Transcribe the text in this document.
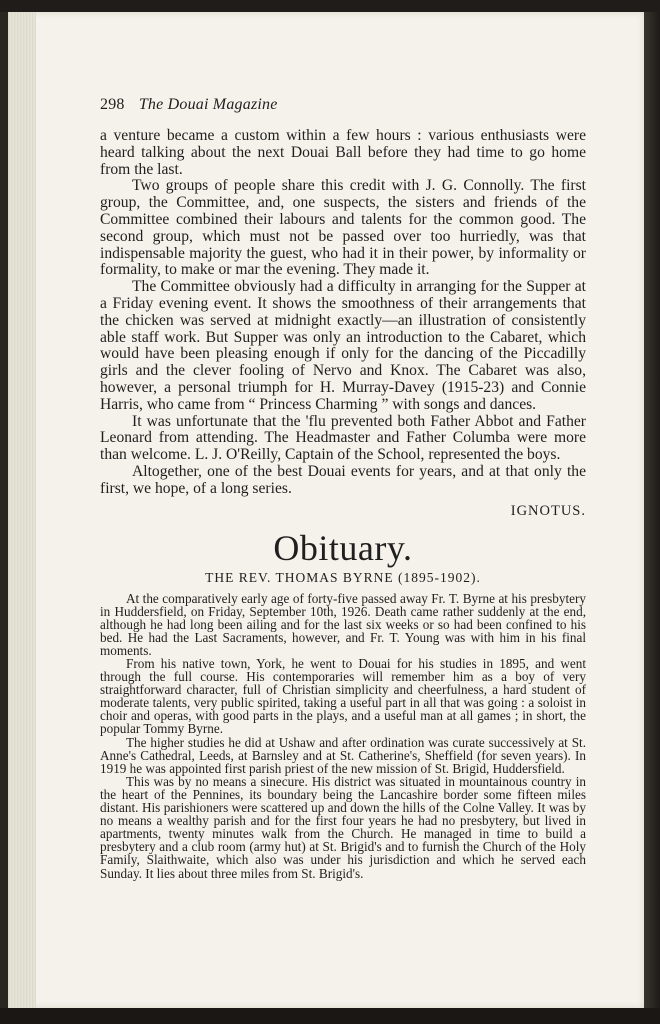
298 The Douai Magazine

a venture became a custom within a few hours : various enthusiasts were heard talking about the next Douai Ball before they had time to go home from the last.

Two groups of people share this credit with J. G. Connolly. The first group, the Committee, and, one suspects, the sisters and friends of the Committee combined their labours and talents for the common good. The second group, which must not be passed over too hurriedly, was that indispensable majority the guest, who had it in their power, by informality or formality, to make or mar the evening. They made it.

The Committee obviously had a difficulty in arranging for the Supper at a Friday evening event. It shows the smoothness of their arrangements that the chicken was served at midnight exactly—an illustration of consistently able staff work. But Supper was only an introduction to the Cabaret, which would have been pleasing enough if only for the dancing of the Piccadilly girls and the clever fooling of Nervo and Knox. The Cabaret was also, however, a personal triumph for H. Murray-Davey (1915-23) and Connie Harris, who came from “ Princess Charming ” with songs and dances.

It was unfortunate that the 'flu prevented both Father Abbot and Father Leonard from attending. The Headmaster and Father Columba were more than welcome. L. J. O'Reilly, Captain of the School, represented the boys.

Altogether, one of the best Douai events for years, and at that only the first, we hope, of a long series.

IGNOTUS.
Obituary.
THE REV. THOMAS BYRNE (1895-1902).

At the comparatively early age of forty-five passed away Fr. T. Byrne at his presbytery in Huddersfield, on Friday, September 10th, 1926. Death came rather suddenly at the end, although he had long been ailing and for the last six weeks or so had been confined to his bed. He had the Last Sacraments, however, and Fr. T. Young was with him in his final moments.

From his native town, York, he went to Douai for his studies in 1895, and went through the full course. His contemporaries will remember him as a boy of very straightforward character, full of Christian simplicity and cheerfulness, a hard student of moderate talents, very public spirited, taking a useful part in all that was going : a soloist in choir and operas, with good parts in the plays, and a useful man at all games ; in short, the popular Tommy Byrne.

The higher studies he did at Ushaw and after ordination was curate successively at St. Anne's Cathedral, Leeds, at Barnsley and at St. Catherine's, Sheffield (for seven years). In 1919 he was appointed first parish priest of the new mission of St. Brigid, Huddersfield.

This was by no means a sinecure. His district was situated in mountainous country in the heart of the Pennines, its boundary being the Lancashire border some fifteen miles distant. His parishioners were scattered up and down the hills of the Colne Valley. It was by no means a wealthy parish and for the first four years he had no presbytery, but lived in apartments, twenty minutes walk from the Church. He managed in time to build a presbytery and a club room (army hut) at St. Brigid's and to furnish the Church of the Holy Family, Slaithwaite, which also was under his jurisdiction and which he served each Sunday. It lies about three miles from St. Brigid's.
